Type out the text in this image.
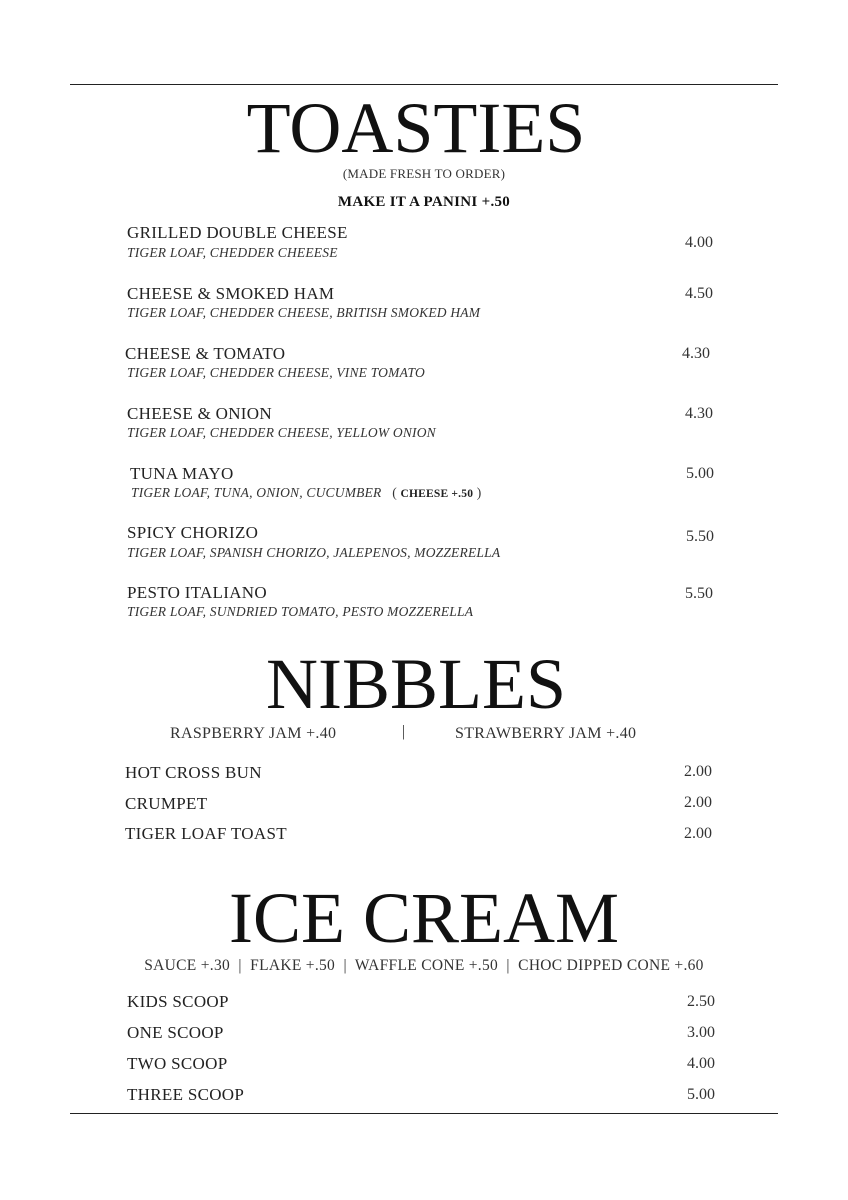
TOASTIES
(MADE FRESH TO ORDER)
MAKE IT A PANINI +.50
GRILLED DOUBLE CHEESE
TIGER LOAF, CHEDDER CHEEESE
4.00
CHEESE & SMOKED HAM
TIGER LOAF, CHEDDER CHEESE, BRITISH SMOKED HAM
4.50
CHEESE & TOMATO
TIGER LOAF, CHEDDER CHEESE, VINE TOMATO
4.30
CHEESE & ONION
TIGER LOAF, CHEDDER CHEESE, YELLOW ONION
4.30
TUNA MAYO
TIGER LOAF, TUNA, ONION, CUCUMBER ( CHEESE +.50 )
5.00
SPICY CHORIZO
TIGER LOAF, SPANISH CHORIZO, JALEPENOS, MOZZERELLA
5.50
PESTO ITALIANO
TIGER LOAF, SUNDRIED TOMATO, PESTO MOZZERELLA
5.50
NIBBLES
RASPBERRY JAM +.40	|	STRAWBERRY JAM +.40
HOT CROSS BUN	2.00
CRUMPET	2.00
TIGER LOAF TOAST	2.00
ICE CREAM
SAUCE +.30  |  FLAKE +.50  |  WAFFLE CONE +.50  |  CHOC DIPPED CONE +.60
KIDS SCOOP	2.50
ONE SCOOP	3.00
TWO SCOOP	4.00
THREE SCOOP	5.00
